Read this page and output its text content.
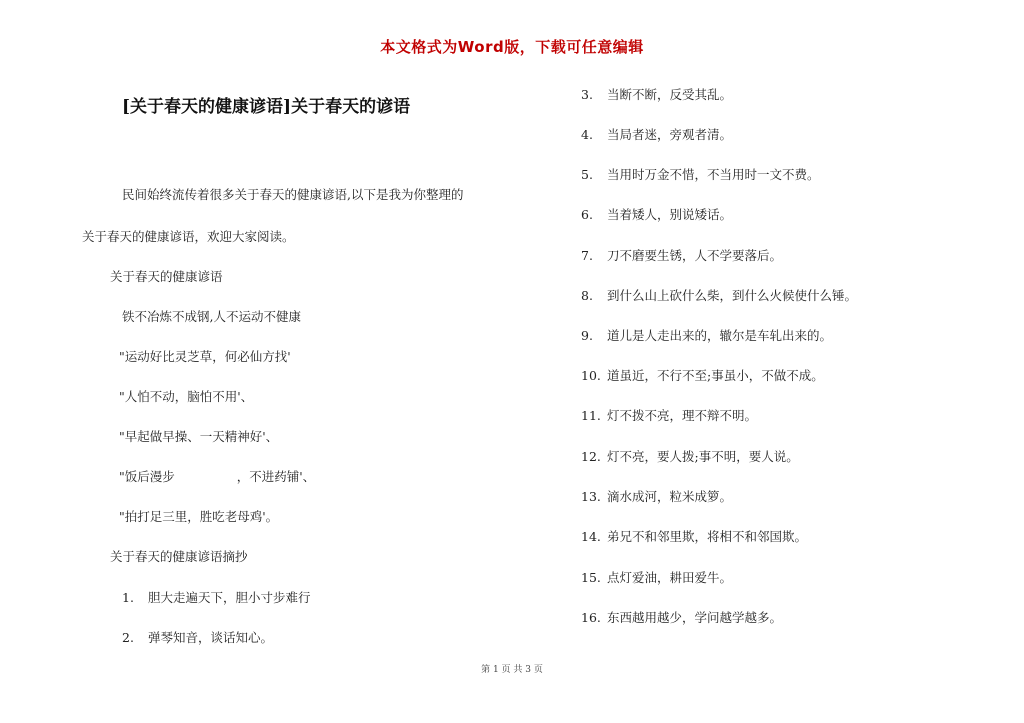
本文格式为Word版，下载可任意编辑
[关于春天的健康谚语]关于春天的谚语
民间始终流传着很多关于春天的健康谚语,以下是我为你整理的
关于春天的健康谚语，欢迎大家阅读。
关于春天的健康谚语
铁不冶炼不成钢,人不运动不健康
"运动好比灵芝草，何必仙方找'
"人怕不动，脑怕不用'、
"早起做早操、一天精神好'、
"饭后漫步	，不进药铺'、
"拍打足三里，胜吃老母鸡'。
关于春天的健康谚语摘抄
1. 胆大走遍天下，胆小寸步难行
2. 弹琴知音，谈话知心。
3. 当断不断，反受其乱。
4. 当局者迷，旁观者清。
5. 当用时万金不惜，不当用时一文不费。
6. 当着矮人，别说矮话。
7. 刀不磨要生锈，人不学要落后。
8. 到什么山上砍什么柴，到什么火候使什么锤。
9. 道儿是人走出来的，辙尔是车轧出来的。
10. 道虽近，不行不至;事虽小，不做不成。
11. 灯不拨不亮，理不辩不明。
12. 灯不亮，要人拨;事不明，要人说。
13. 滴水成河，粒米成箩。
14. 弟兄不和邻里欺，将相不和邻国欺。
15. 点灯爱油，耕田爱牛。
16. 东西越用越少，学问越学越多。
第 1 页 共 3 页
